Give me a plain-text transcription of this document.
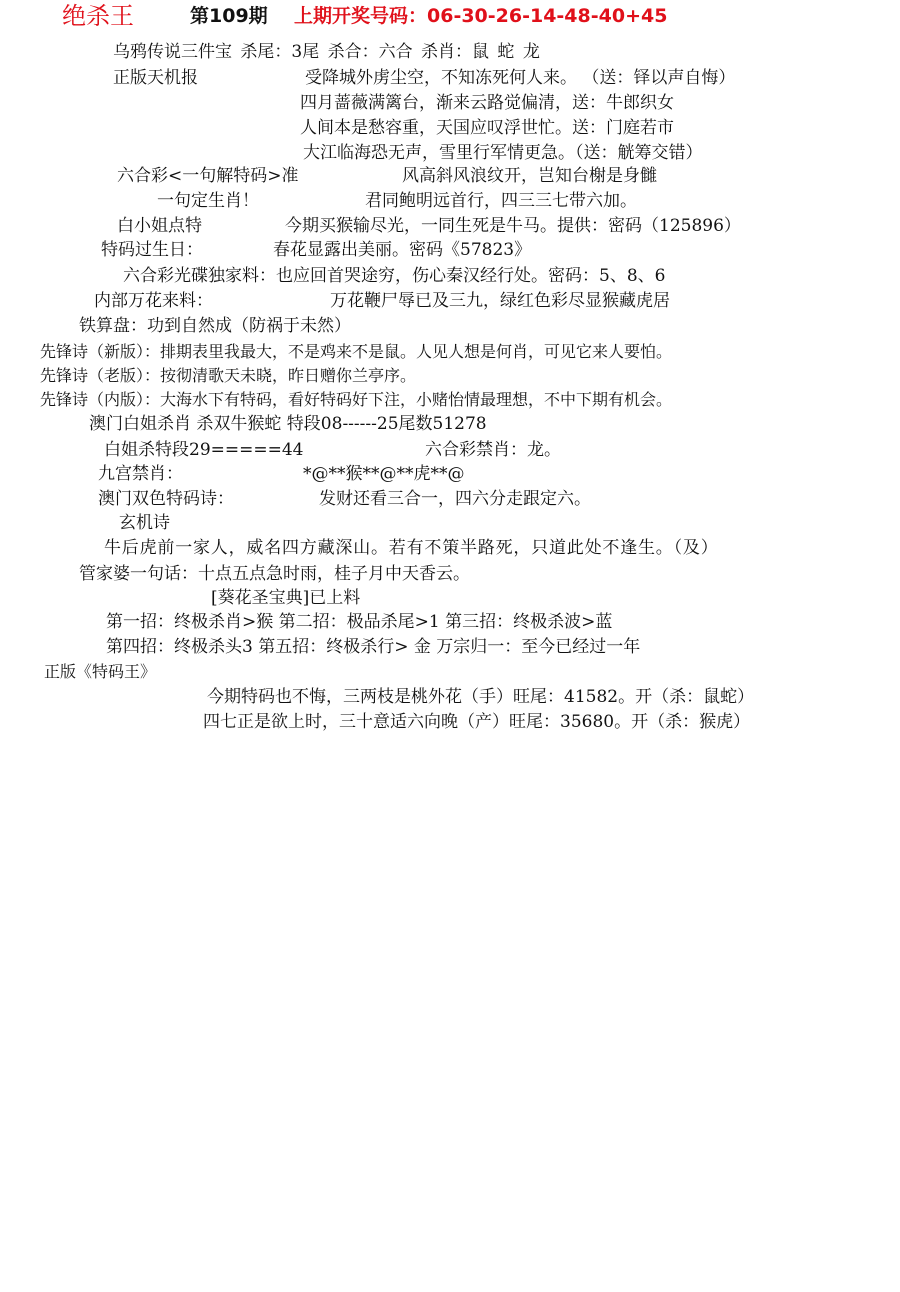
绝杀王	第109期 上期开奖号码：06-30-26-14-48-40+45
乌鸦传说三件宝 杀尾：3尾 杀合：六合 杀肖：鼠 蛇 龙
正版天机报	受降城外虏尘空，不知冻死何人来。 （送：铎以声自悔）
四月蔷薇满篱台，渐来云路觉偏清，送：牛郎织女
人间本是愁容重，天国应叹浮世忙。送：门庭若市
大江临海恐无声，雪里行军情更急。（送：觥筹交错）
六合彩<一句解特码>准	风高斜风浪纹开，岂知台榭是身雠
一句定生肖！	君同鲍明远首行，四三三七带六加。
白小姐点特	今期买猴输尽光，一同生死是牛马。提供：密码（125896）
特码过生日：	春花显露出美丽。密码《57823》
六合彩光碟独家料：也应回首哭途穷，伤心秦汉经行处。密码：5、8、6
内部万花来料：	万花鞭尸辱已及三九，绿红色彩尽显猴藏虎居
铁算盘：功到自然成（防祸于未然）
先锋诗（新版）：排期表里我最大，不是鸡来不是鼠。人见人想是何肖，可见它来人要怕。
先锋诗（老版）：按彻清歌天未晓，昨日赠你兰亭序。
先锋诗（内版）：大海水下有特码，看好特码好下注，小赌怡情最理想，不中下期有机会。
澳门白姐杀肖 杀双牛猴蛇 特段08------25尾数51278
白姐杀特段29=====44	六合彩禁肖：龙。
九宫禁肖：	*@**猴**@**虎**@
澳门双色特码诗：	发财还看三合一，四六分走跟定六。
玄机诗
牛后虎前一家人，威名四方藏深山。若有不策半路死，只道此处不逢生。（及）
管家婆一句话：十点五点急时雨，桂子月中天香云。
[葵花圣宝典]已上料
第一招：终极杀肖>猴 第二招：极品杀尾>1 第三招：终极杀波>蓝
第四招：终极杀头3 第五招：终极杀行> 金 万宗归一：至今已经过一年
正版《特码王》
今期特码也不悔，三两枝是桃外花（手）旺尾：41582。开（杀：鼠蛇）
四七正是欲上时，三十意适六向晚（产）旺尾：35680。开（杀：猴虎）
